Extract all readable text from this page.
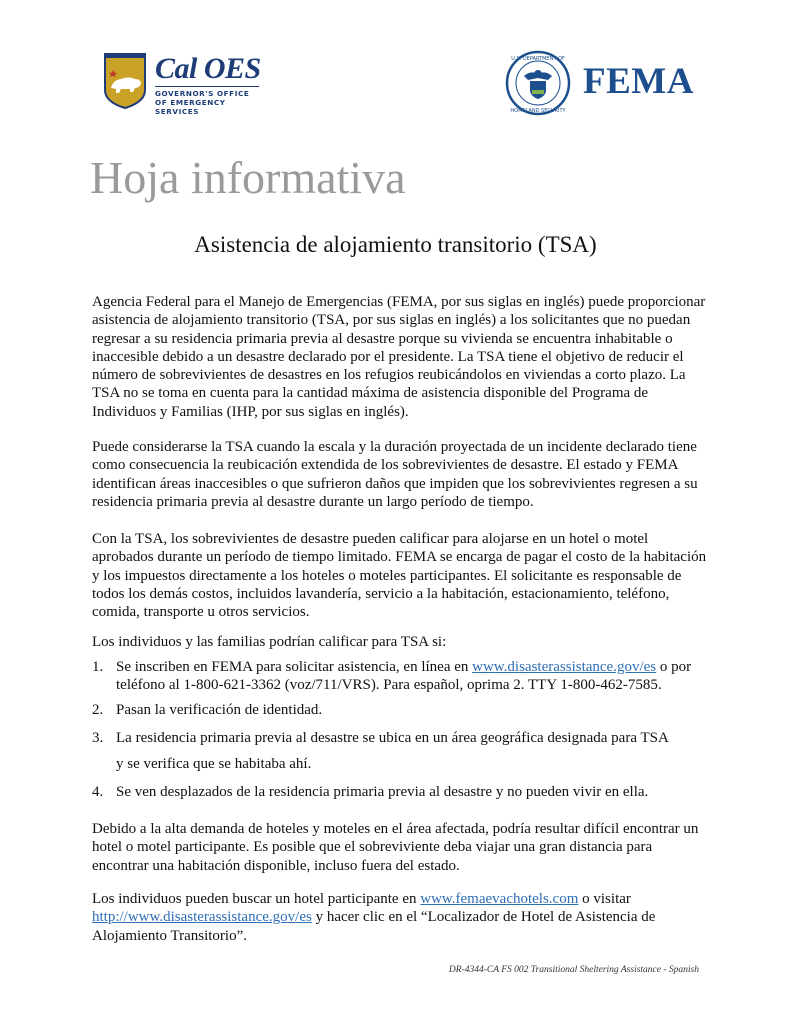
Cal OES
GOVERNOR'S OFFICE
OF EMERGENCY SERVICES
U.S. DEPARTMENT OF
HOMELAND SECURITY
FEMA
Hoja informativa
Asistencia de alojamiento transitorio (TSA)

Agencia Federal para el Manejo de Emergencias (FEMA, por sus siglas en inglés) puede proporcionar asistencia de alojamiento transitorio (TSA, por sus siglas en inglés) a los solicitantes que no puedan regresar a su residencia primaria previa al desastre porque su vivienda se encuentra inhabitable o inaccesible debido a un desastre declarado por el presidente. La TSA tiene el objetivo de reducir el número de sobrevivientes de desastres en los refugios reubicándolos en viviendas a corto plazo. La TSA no se toma en cuenta para la cantidad máxima de asistencia disponible del Programa de Individuos y Familias (IHP, por sus siglas en inglés).

Puede considerarse la TSA cuando la escala y la duración proyectada de un incidente declarado tiene como consecuencia la reubicación extendida de los sobrevivientes de desastre. El estado y FEMA identifican áreas inaccesibles o que sufrieron daños que impiden que los sobrevivientes regresen a su residencia primaria previa al desastre durante un largo período de tiempo.

Con la TSA, los sobrevivientes de desastre pueden calificar para alojarse en un hotel o motel aprobados durante un período de tiempo limitado. FEMA se encarga de pagar el costo de la habitación y los impuestos directamente a los hoteles o moteles participantes. El solicitante es responsable de todos los demás costos, incluidos lavandería, servicio a la habitación, estacionamiento, teléfono, comida, transporte u otros servicios.

Los individuos y las familias podrían calificar para TSA si:

1. Se inscriben en FEMA para solicitar asistencia, en línea en www.disasterassistance.gov/es o por teléfono al 1-800-621-3362 (voz/711/VRS). Para español, oprima 2. TTY 1-800-462-7585.
2. Pasan la verificación de identidad.
3. La residencia primaria previa al desastre se ubica en un área geográfica designada para TSA
y se verifica que se habitaba ahí.
4. Se ven desplazados de la residencia primaria previa al desastre y no pueden vivir en ella.

Debido a la alta demanda de hoteles y moteles en el área afectada, podría resultar difícil encontrar un hotel o motel participante. Es posible que el sobreviviente deba viajar una gran distancia para encontrar una habitación disponible, incluso fuera del estado.

Los individuos pueden buscar un hotel participante en www.femaevachotels.com o visitar http://www.disasterassistance.gov/es y hacer clic en el “Localizador de Hotel de Asistencia de Alojamiento Transitorio”.

DR-4344-CA FS 002 Transitional Sheltering Assistance - Spanish
